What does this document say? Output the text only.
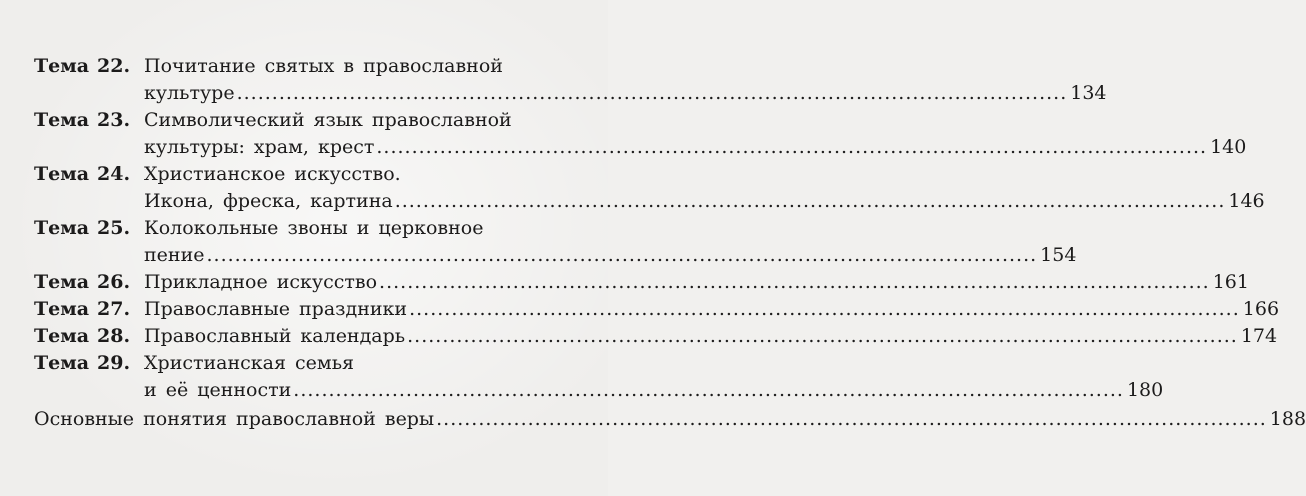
Тема 22. Почитание святых в православной
культуре ...................................................................................................................... 134
Тема 23. Символический язык православной
культуры: храм, крест ...................................................................................................................... 140
Тема 24. Христианское искусство.
Икона, фреска, картина ...................................................................................................................... 146
Тема 25. Колокольные звоны и церковное
пение ...................................................................................................................... 154
Тема 26. Прикладное искусство ...................................................................................................................... 161
Тема 27. Православные праздники ...................................................................................................................... 166
Тема 28. Православный календарь ...................................................................................................................... 174
Тема 29. Христианская семья
и её ценности ...................................................................................................................... 180
Основные понятия православной веры ...................................................................................................................... 188
